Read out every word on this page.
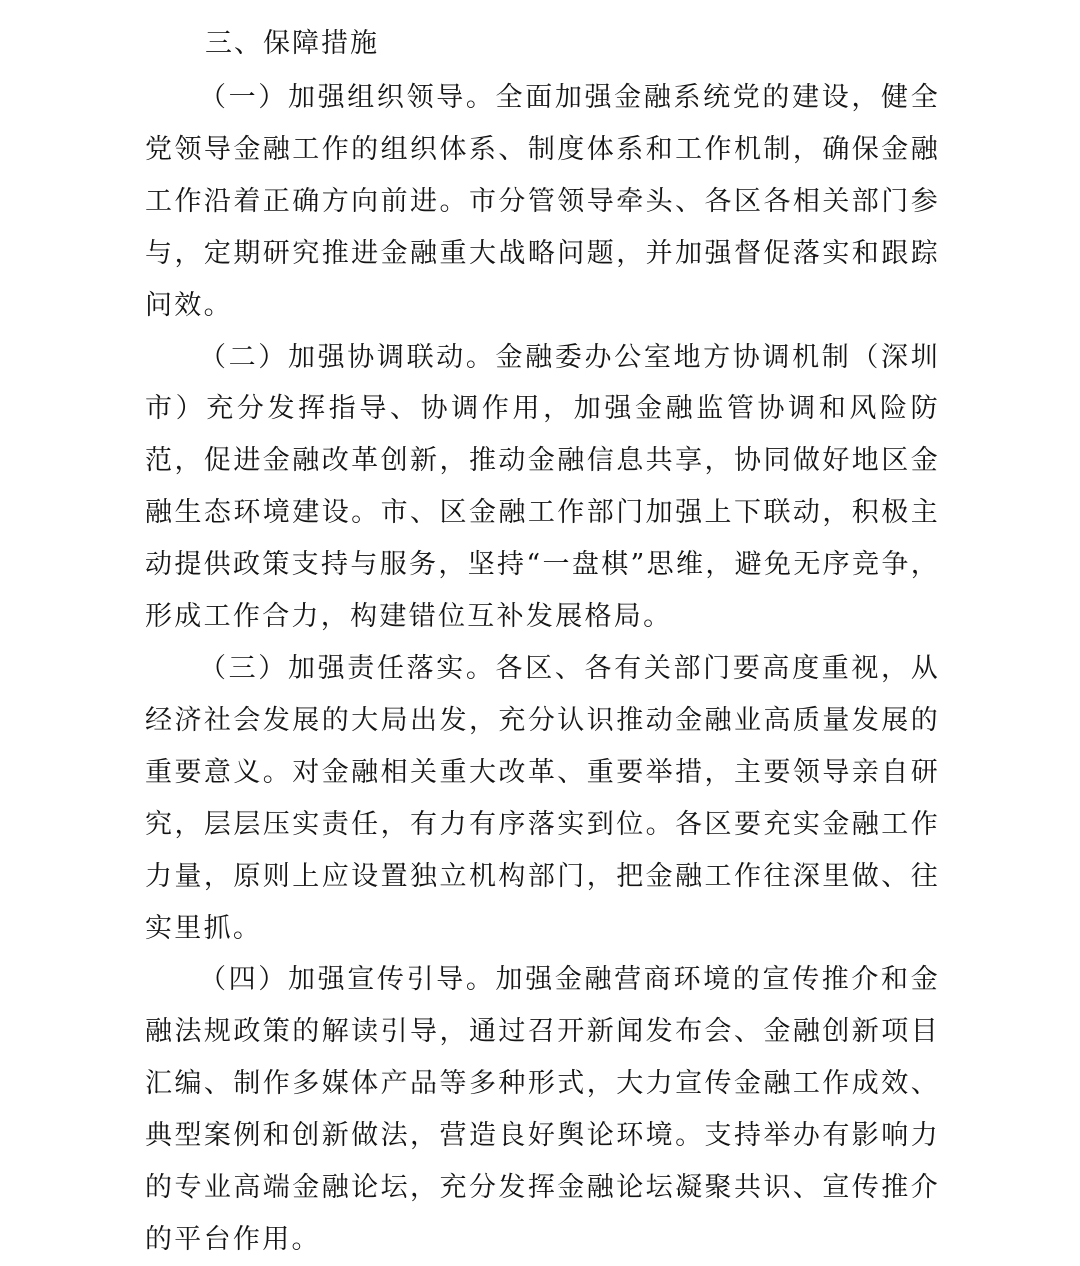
三、保障措施

（一）加强组织领导。全面加强金融系统党的建设，健全党领导金融工作的组织体系、制度体系和工作机制，确保金融工作沿着正确方向前进。市分管领导牵头、各区各相关部门参与，定期研究推进金融重大战略问题，并加强督促落实和跟踪问效。

（二）加强协调联动。金融委办公室地方协调机制（深圳市）充分发挥指导、协调作用，加强金融监管协调和风险防范，促进金融改革创新，推动金融信息共享，协同做好地区金融生态环境建设。市、区金融工作部门加强上下联动，积极主动提供政策支持与服务，坚持“一盘棋”思维，避免无序竞争，形成工作合力，构建错位互补发展格局。

（三）加强责任落实。各区、各有关部门要高度重视，从经济社会发展的大局出发，充分认识推动金融业高质量发展的重要意义。对金融相关重大改革、重要举措，主要领导亲自研究，层层压实责任，有力有序落实到位。各区要充实金融工作力量，原则上应设置独立机构部门，把金融工作往深里做、往实里抓。

（四）加强宣传引导。加强金融营商环境的宣传推介和金融法规政策的解读引导，通过召开新闻发布会、金融创新项目汇编、制作多媒体产品等多种形式，大力宣传金融工作成效、典型案例和创新做法，营造良好舆论环境。支持举办有影响力的专业高端金融论坛，充分发挥金融论坛凝聚共识、宣传推介的平台作用。
